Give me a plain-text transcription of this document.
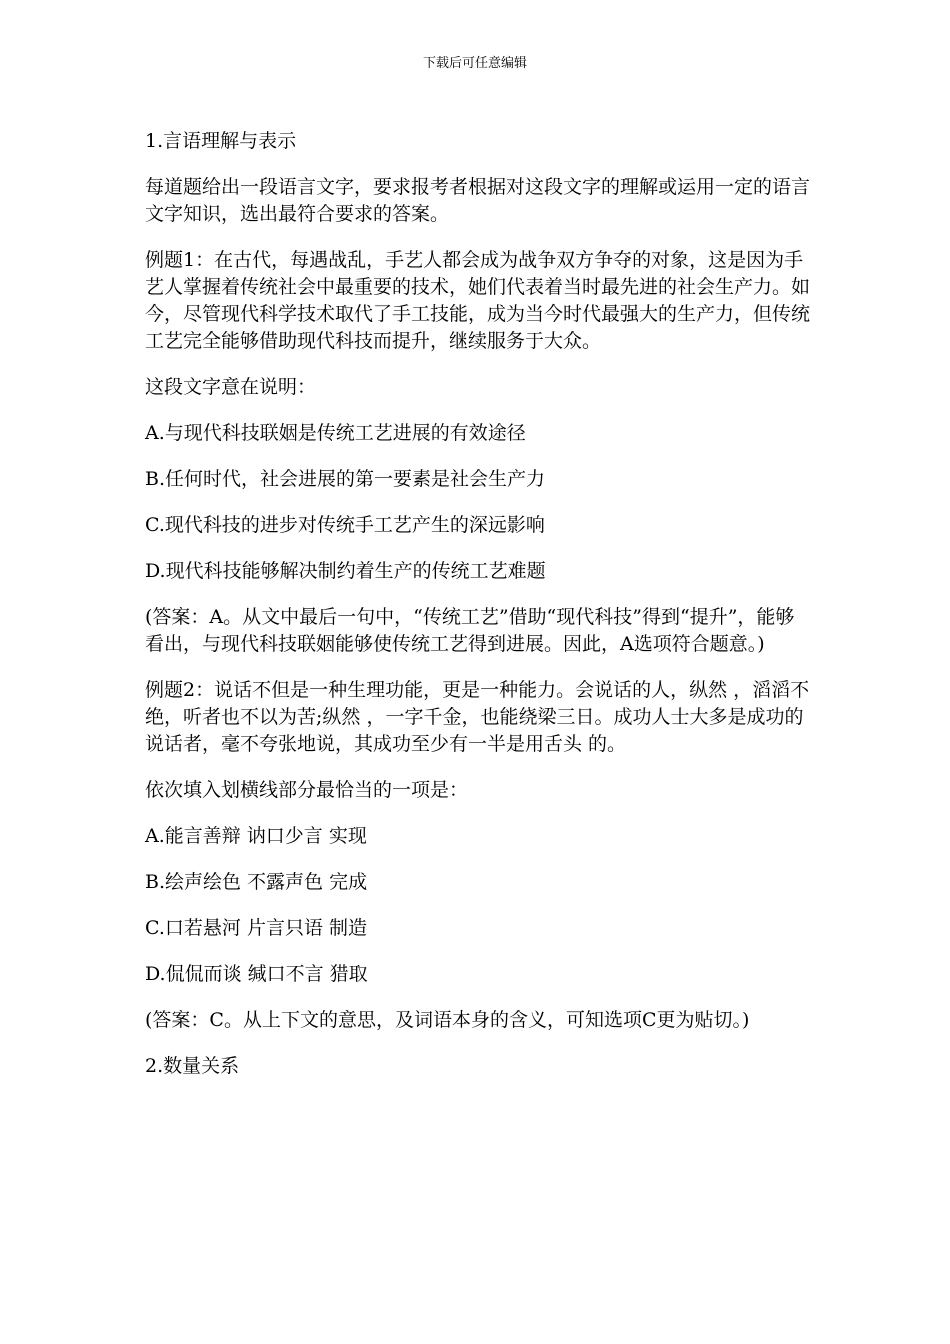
下载后可任意编辑

1.言语理解与表示

每道题给出一段语言文字，要求报考者根据对这段文字的理解或运用一定的语言文字知识，选出最符合要求的答案。

例题1：在古代，每遇战乱，手艺人都会成为战争双方争夺的对象，这是因为手艺人掌握着传统社会中最重要的技术，她们代表着当时最先进的社会生产力。如今，尽管现代科学技术取代了手工技能，成为当今时代最强大的生产力，但传统工艺完全能够借助现代科技而提升，继续服务于大众。

这段文字意在说明：

A.与现代科技联姻是传统工艺进展的有效途径

B.任何时代，社会进展的第一要素是社会生产力

C.现代科技的进步对传统手工艺产生的深远影响

D.现代科技能够解决制约着生产的传统工艺难题

(答案：A。从文中最后一句中，“传统工艺”借助“现代科技”得到“提升”，能够看出，与现代科技联姻能够使传统工艺得到进展。因此，A选项符合题意。)

例题2：说话不但是一种生理功能，更是一种能力。会说话的人，纵然 ，滔滔不绝，听者也不以为苦;纵然 ，一字千金，也能绕梁三日。成功人士大多是成功的说话者，毫不夸张地说，其成功至少有一半是用舌头 的。

依次填入划横线部分最恰当的一项是：

A.能言善辩 讷口少言 实现

B.绘声绘色 不露声色 完成

C.口若悬河 片言只语 制造

D.侃侃而谈 缄口不言 猎取

(答案：C。从上下文的意思，及词语本身的含义，可知选项C更为贴切。)

2.数量关系
